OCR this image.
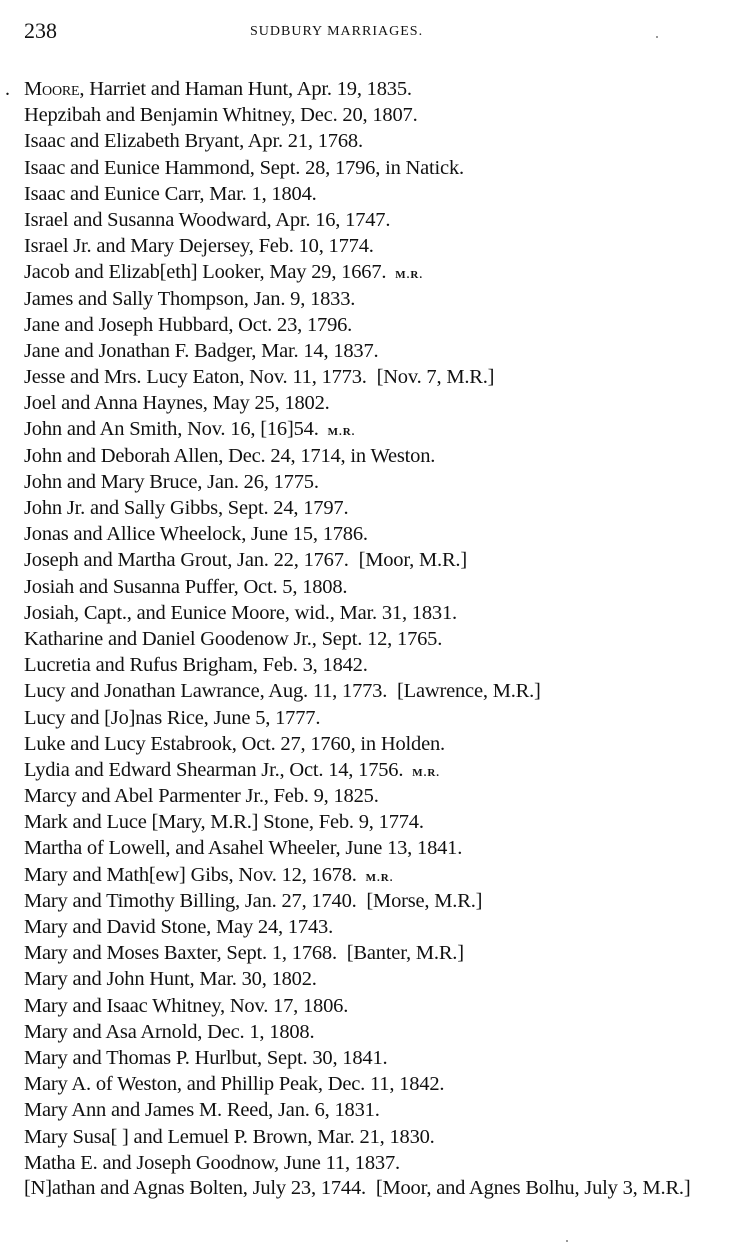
238	SUDBURY MARRIAGES.
. Moore, Harriet and Haman Hunt, Apr. 19, 1835.
Hepzibah and Benjamin Whitney, Dec. 20, 1807.
Isaac and Elizabeth Bryant, Apr. 21, 1768.
Isaac and Eunice Hammond, Sept. 28, 1796, in Natick.
Isaac and Eunice Carr, Mar. 1, 1804.
Israel and Susanna Woodward, Apr. 16, 1747.
Israel Jr. and Mary Dejersey, Feb. 10, 1774.
Jacob and Elizab[eth] Looker, May 29, 1667. M.R.
James and Sally Thompson, Jan. 9, 1833.
Jane and Joseph Hubbard, Oct. 23, 1796.
Jane and Jonathan F. Badger, Mar. 14, 1837.
Jesse and Mrs. Lucy Eaton, Nov. 11, 1773. [Nov. 7, M.R.]
Joel and Anna Haynes, May 25, 1802.
John and An Smith, Nov. 16, [16]54. M.R.
John and Deborah Allen, Dec. 24, 1714, in Weston.
John and Mary Bruce, Jan. 26, 1775.
John Jr. and Sally Gibbs, Sept. 24, 1797.
Jonas and Allice Wheelock, June 15, 1786.
Joseph and Martha Grout, Jan. 22, 1767. [Moor, M.R.]
Josiah and Susanna Puffer, Oct. 5, 1808.
Josiah, Capt., and Eunice Moore, wid., Mar. 31, 1831.
Katharine and Daniel Goodenow Jr., Sept. 12, 1765.
Lucretia and Rufus Brigham, Feb. 3, 1842.
Lucy and Jonathan Lawrance, Aug. 11, 1773. [Lawrence, M.R.]
Lucy and [Jo]nas Rice, June 5, 1777.
Luke and Lucy Estabrook, Oct. 27, 1760, in Holden.
Lydia and Edward Shearman Jr., Oct. 14, 1756. M.R.
Marcy and Abel Parmenter Jr., Feb. 9, 1825.
Mark and Luce [Mary, M.R.] Stone, Feb. 9, 1774.
Martha of Lowell, and Asahel Wheeler, June 13, 1841.
Mary and Math[ew] Gibs, Nov. 12, 1678. M.R.
Mary and Timothy Billing, Jan. 27, 1740. [Morse, M.R.]
Mary and David Stone, May 24, 1743.
Mary and Moses Baxter, Sept. 1, 1768. [Banter, M.R.]
Mary and John Hunt, Mar. 30, 1802.
Mary and Isaac Whitney, Nov. 17, 1806.
Mary and Asa Arnold, Dec. 1, 1808.
Mary and Thomas P. Hurlbut, Sept. 30, 1841.
Mary A. of Weston, and Phillip Peak, Dec. 11, 1842.
Mary Ann and James M. Reed, Jan. 6, 1831.
Mary Susa[ ] and Lemuel P. Brown, Mar. 21, 1830.
Matha E. and Joseph Goodnow, June 11, 1837.
[N]athan and Agnas Bolten, July 23, 1744. [Moor, and Agnes Bolhu, July 3, M.R.]
